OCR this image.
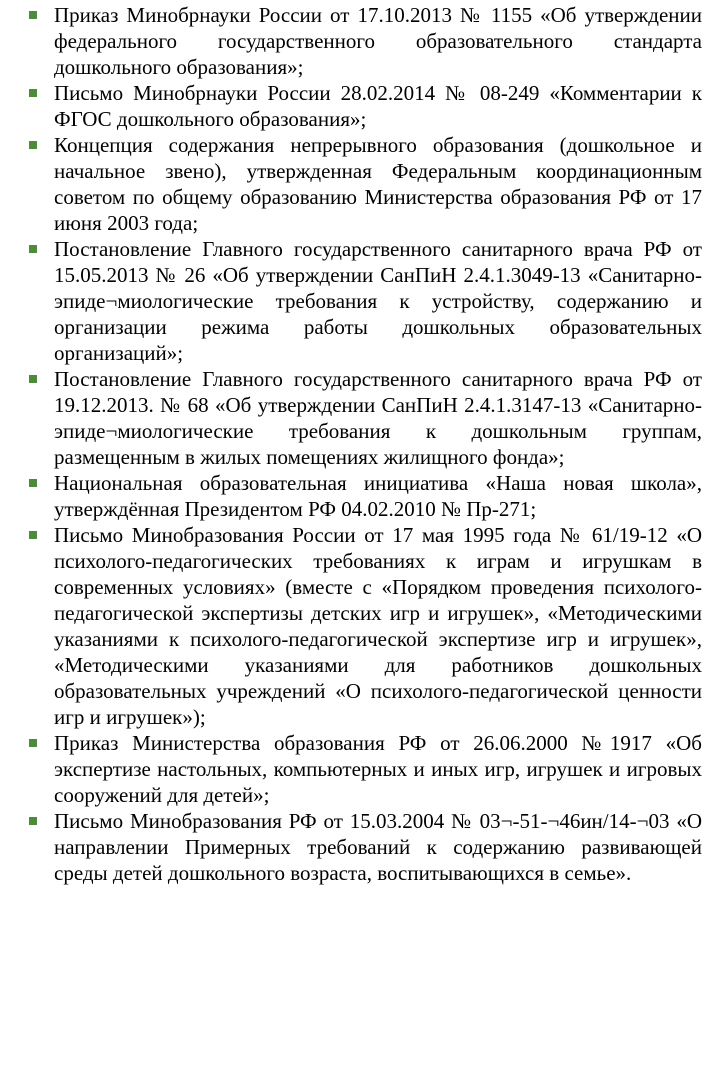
Приказ Минобрнауки России от 17.10.2013 № 1155 «Об утверждении федерального государственного образовательного стандарта дошкольного образования»;
Письмо Минобрнауки России 28.02.2014 № 08-249 «Комментарии к ФГОС дошкольного образования»;
Концепция содержания непрерывного образования (дошкольное и начальное звено), утвержденная Федеральным координационным советом по общему образованию Министерства образования РФ от 17 июня 2003 года;
Постановление Главного государственного санитарного врача РФ от 15.05.2013 № 26 «Об утверждении СанПиН 2.4.1.3049-13 «Санитарно-эпиде¬миологические требования к устройству, содержанию и организации режима работы дошкольных образовательных организаций»;
Постановление Главного государственного санитарного врача РФ от 19.12.2013. № 68 «Об утверждении СанПиН 2.4.1.3147-13 «Санитарно-эпиде¬миологические требования к дошкольным группам, размещенным в жилых помещениях жилищного фонда»;
Национальная образовательная инициатива «Наша новая школа», утверждённая Президентом РФ 04.02.2010 № Пр-271;
Письмо Минобразования России от 17 мая 1995 года № 61/19-12 «О психолого-педагогических требованиях к играм и игрушкам в современных условиях» (вместе с «Порядком проведения психолого-педагогической экспертизы детских игр и игрушек», «Методическими указаниями к психолого-педагогической экспертизе игр и игрушек», «Методическими указаниями для работников дошкольных образовательных учреждений «О психолого-педагогической ценности игр и игрушек»);
Приказ Министерства образования РФ от 26.06.2000 №1917 «Об экспертизе настольных, компьютерных и иных игр, игрушек и игровых сооружений для детей»;
Письмо Минобразования РФ от 15.03.2004 № 03¬-51-¬46ин/14-¬03 «О направлении Примерных требований к содержанию развивающей среды детей дошкольного возраста, воспитывающихся в семье».
